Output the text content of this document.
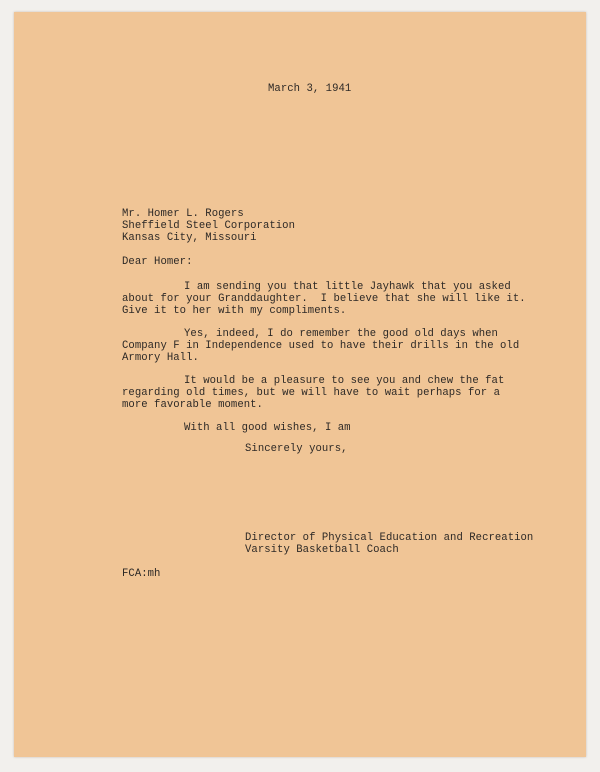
March 3, 1941
Mr. Homer L. Rogers
Sheffield Steel Corporation
Kansas City, Missouri
Dear Homer:
I am sending you that little Jayhawk that you asked
about for your Granddaughter.  I believe that she will like it.
Give it to her with my compliments.
Yes, indeed, I do remember the good old days when
Company F in Independence used to have their drills in the old
Armory Hall.
It would be a pleasure to see you and chew the fat
regarding old times, but we will have to wait perhaps for a
more favorable moment.
With all good wishes, I am
Sincerely yours,
Director of Physical Education and Recreation
Varsity Basketball Coach
FCA:mh
